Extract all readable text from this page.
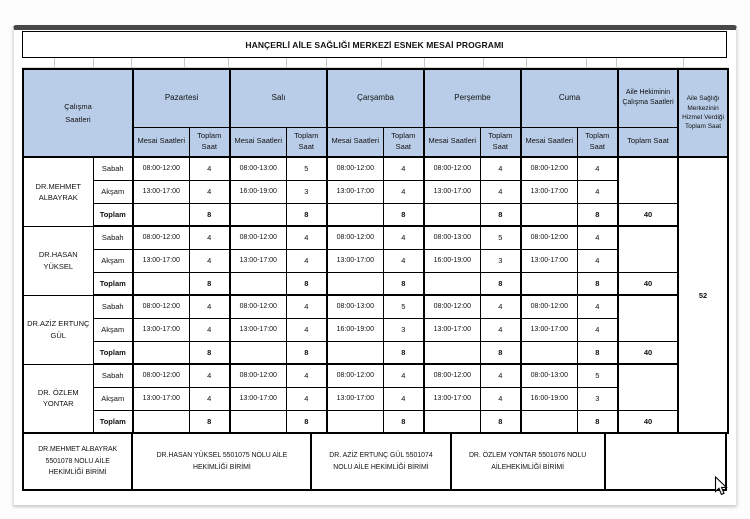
HANÇERLİ AİLE SAĞLIĞI MERKEZİ ESNEK MESAİ PROGRAMI
Çalışma Saatleri		Pazartesi		Salı		Çarşamba		Perşembe		Cuma		Aile Hekiminin Çalışma Saatleri	Aile Sağlığı Merkezinin Hizmet Verdiği Toplam Saat
		Mesai Saatleri	Toplam Saat	Mesai Saatleri	Toplam Saat	Mesai Saatleri	Toplam Saat	Mesai Saatleri	Toplam Saat	Mesai Saatleri	Toplam Saat	Toplam Saat	
DR.MEHMET ALBAYRAK	Sabah	08:00-12:00	4	08:00-13:00	5	08:00-12:00	4	08:00-12:00	4	08:00-12:00	4		52
	Akşam	13:00-17:00	4	16:00-19:00	3	13:00-17:00	4	13:00-17:00	4	13:00-17:00	4		
	Toplam		8		8		8		8		8	40	
DR.HASAN YÜKSEL	Sabah	08:00-12:00	4	08:00-12:00	4	08:00-12:00	4	08:00-13:00	5	08:00-12:00	4		
	Akşam	13:00-17:00	4	13:00-17:00	4	13:00-17:00	4	16:00-19:00	3	13:00-17:00	4		
	Toplam		8		8		8		8		8	40	
DR.AZİZ ERTUNÇ GÜL	Sabah	08:00-12:00	4	08:00-12:00	4	08:00-13:00	5	08:00-12:00	4	08:00-12:00	4		
	Akşam	13:00-17:00	4	13:00-17:00	4	16:00-19:00	3	13:00-17:00	4	13:00-17:00	4		
	Toplam		8		8		8		8		8	40	
DR. ÖZLEM YONTAR	Sabah	08:00-12:00	4	08:00-12:00	4	08:00-12:00	4	08:00-12:00	4	08:00-13:00	5		
	Akşam	13:00-17:00	4	13:00-17:00	4	13:00-17:00	4	13:00-17:00	4	16:00-19:00	3		
	Toplam		8		8		8		8		8	40	
DR.MEHMET ALBAYRAK 5501078 NOLU AİLE HEKİMLİĞİ BİRİMİ
DR.HASAN YÜKSEL 5501075 NOLU AİLE HEKİMLİĞİ BİRİMİ
DR. AZİZ ERTUNÇ GÜL 5501074 NOLU AİLE HEKİMLİĞİ BİRİMİ
DR. ÖZLEM YONTAR 5501076 NOLU AİLEHEKİMLİĞİ BİRİMİ
